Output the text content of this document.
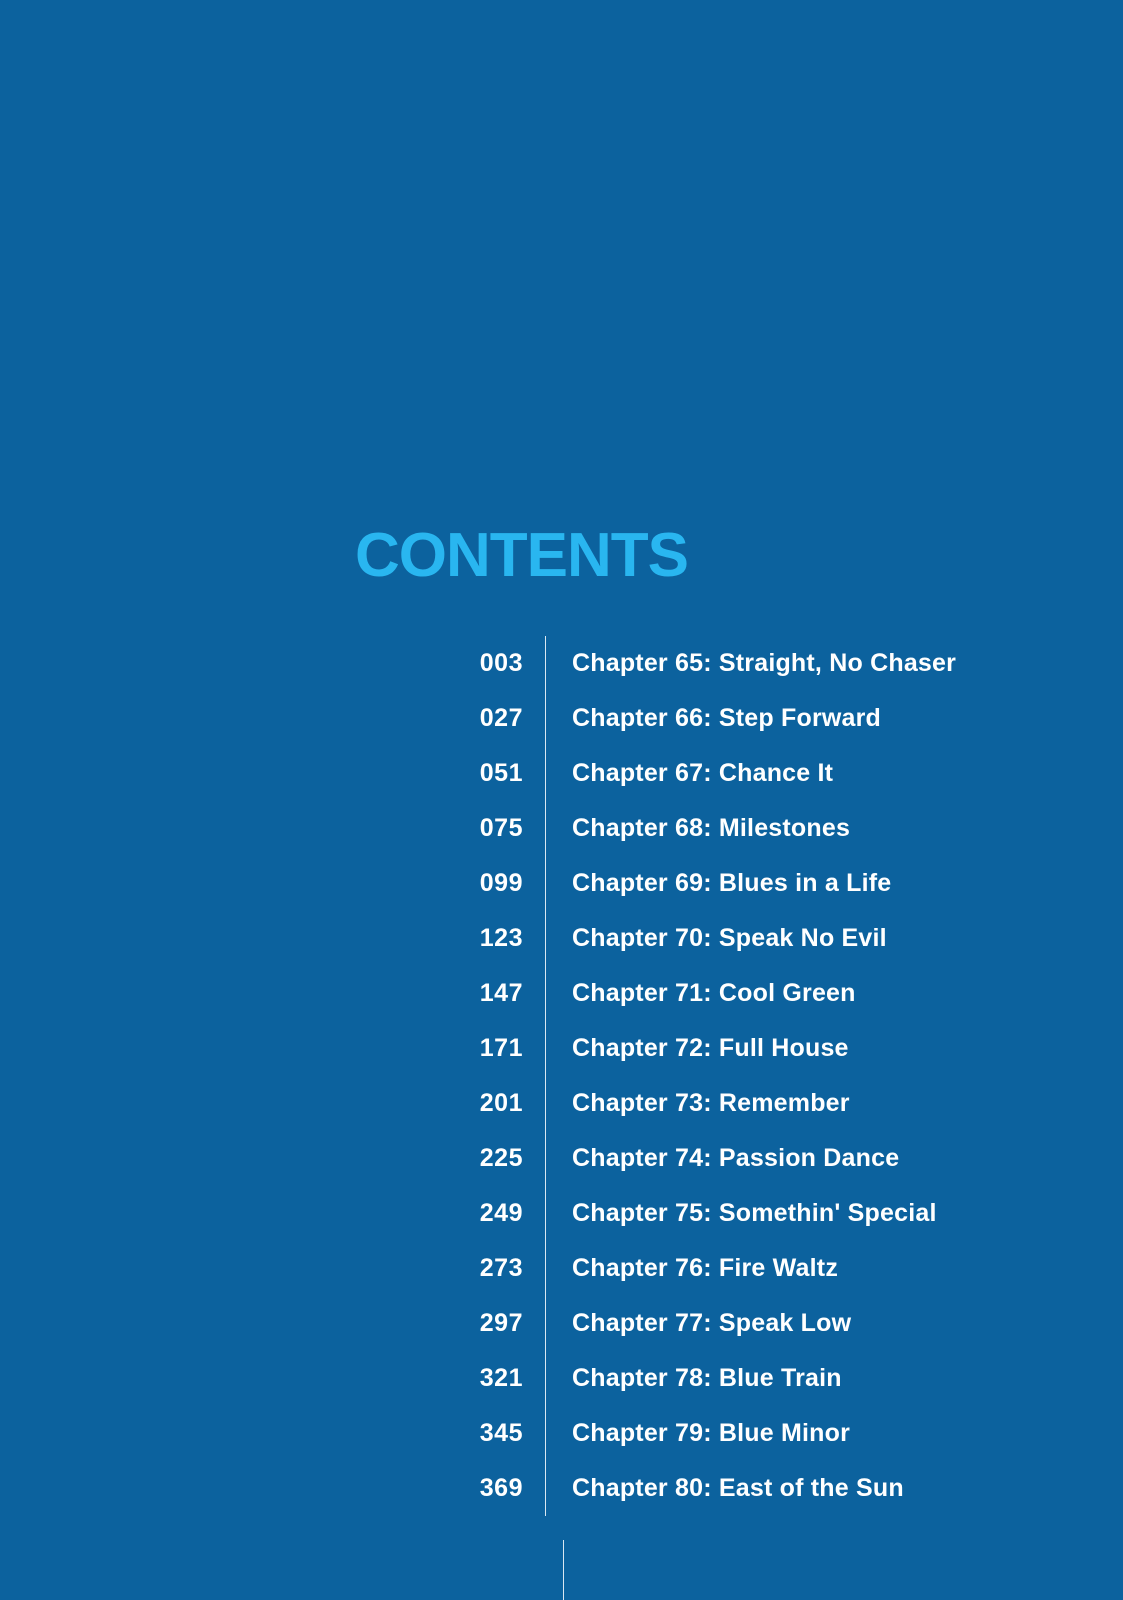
CONTENTS
003	Chapter 65: Straight, No Chaser
027	Chapter 66: Step Forward
051	Chapter 67: Chance It
075	Chapter 68: Milestones
099	Chapter 69: Blues in a Life
123	Chapter 70: Speak No Evil
147	Chapter 71: Cool Green
171	Chapter 72: Full House
201	Chapter 73: Remember
225	Chapter 74: Passion Dance
249	Chapter 75: Somethin' Special
273	Chapter 76: Fire Waltz
297	Chapter 77: Speak Low
321	Chapter 78: Blue Train
345	Chapter 79: Blue Minor
369	Chapter 80: East of the Sun
